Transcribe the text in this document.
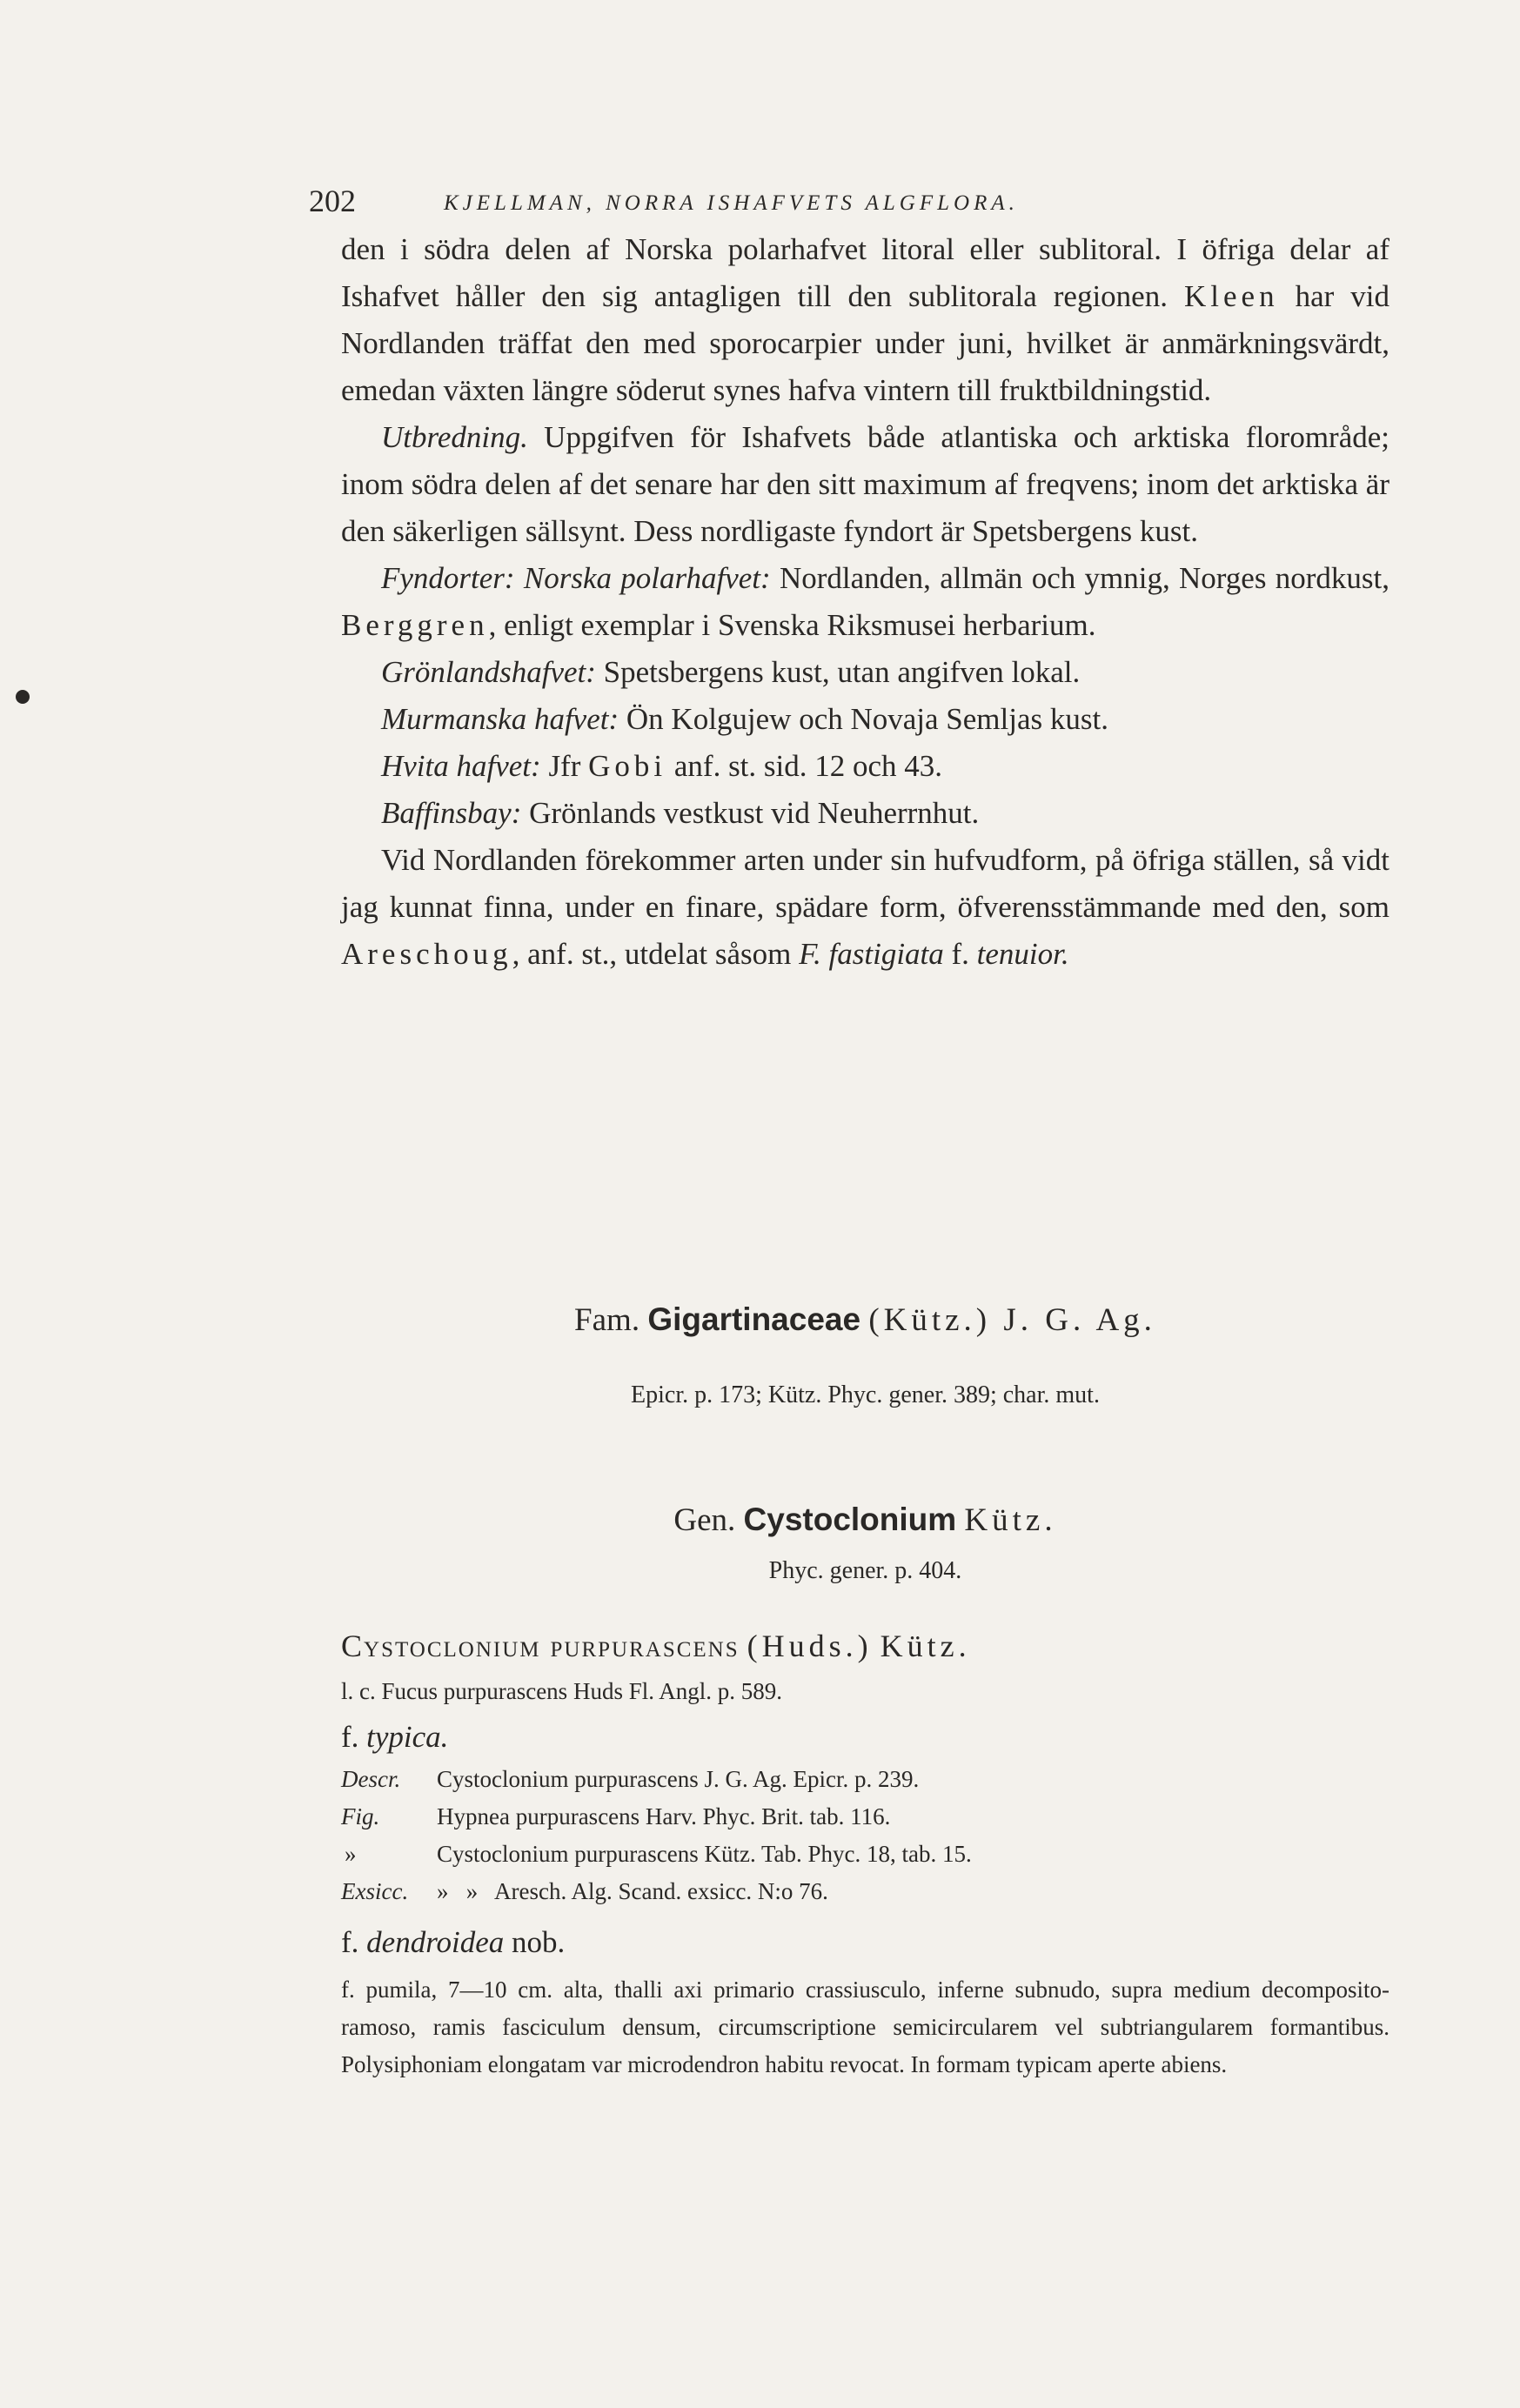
202	KJELLMAN, NORRA ISHAFVETS ALGFLORA.

den i södra delen af Norska polarhafvet litoral eller sublitoral. I öfriga delar af Ishafvet håller den sig antagligen till den sublitorala regionen. Kleen har vid Nordlanden träffat den med sporocarpier under juni, hvilket är anmärkningsvärdt, emedan växten längre söderut synes hafva vintern till fruktbildningstid.

Utbredning. Uppgifven för Ishafvets både atlantiska och arktiska florområde; inom södra delen af det senare har den sitt maximum af freqvens; inom det arktiska är den säkerligen sällsynt. Dess nordligaste fyndort är Spetsbergens kust.

Fyndorter: Norska polarhafvet: Nordlanden, allmän och ymnig, Norges nordkust, Berggren, enligt exemplar i Svenska Riksmusei herbarium.

Grönlandshafvet: Spetsbergens kust, utan angifven lokal.

Murmanska hafvet: Ön Kolgujew och Novaja Semljas kust.

Hvita hafvet: Jfr Gobi anf. st. sid. 12 och 43.

Baffinsbay: Grönlands vestkust vid Neuherrnhut.

Vid Nordlanden förekommer arten under sin hufvudform, på öfriga ställen, så vidt jag kunnat finna, under en finare, spädare form, öfverensstämmande med den, som Areschoug, anf. st., utdelat såsom F. fastigiata f. tenuior.

Fam. Gigartinaceae (Kütz.) J. G. Ag.
Epicr. p. 173; Kütz. Phyc. gener. 389; char. mut.
Gen. Cystoclonium Kütz.
Phyc. gener. p. 404.

Cystoclonium purpurascens (Huds.) Kütz.

l. c. Fucus purpurascens Huds Fl. Angl. p. 589.

f. typica.

Descr. Cystoclonium purpurascens J. G. Ag. Epicr. p. 239.

Fig. Hypnea purpurascens Harv. Phyc. Brit. tab. 116.

»	Cystoclonium purpurascens Kütz. Tab. Phyc. 18, tab. 15.

Exsicc. »   »   Aresch. Alg. Scand. exsicc. N:o 76.

f. dendroidea nob.

f. pumila, 7—10 cm. alta, thalli axi primario crassiusculo, inferne subnudo, supra medium decomposito-ramoso, ramis fasciculum densum, circumscriptione semicircularem vel subtriangularem formantibus. Polysiphoniam elongatam var microdendron habitu revocat. In formam typicam aperte abiens.
